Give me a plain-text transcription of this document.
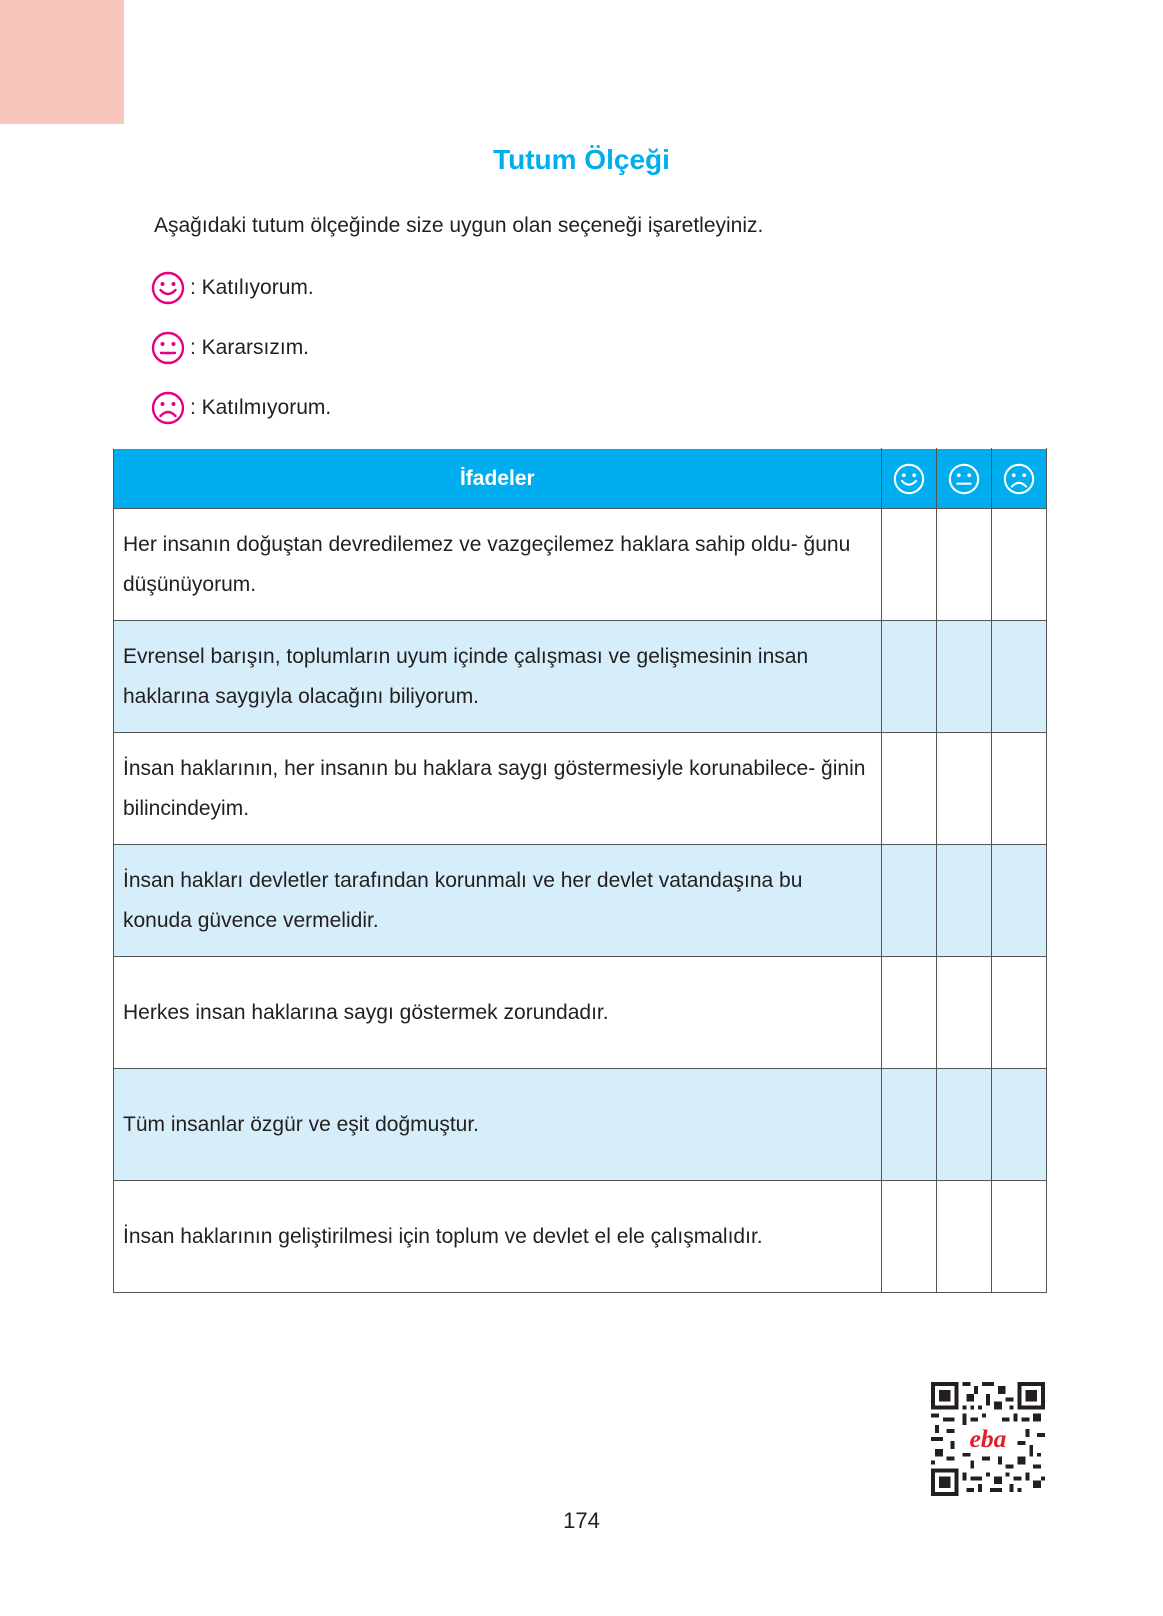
Tutum Ölçeği
Aşağıdaki tutum ölçeğinde size uygun olan seçeneği işaretleyiniz.
: Katılıyorum.
: Kararsızım.
: Katılmıyorum.
İfadeler	

Her insanın doğuştan devredilemez ve vazgeçilemez haklara sahip oldu- ğunu düşünüyorum.			
Evrensel barışın, toplumların uyum içinde çalışması ve gelişmesinin insan haklarına saygıyla olacağını biliyorum.			
İnsan haklarının, her insanın bu haklara saygı göstermesiyle korunabilece- ğinin bilincindeyim.			
İnsan hakları devletler tarafından korunmalı ve her devlet vatandaşına bu konuda güvence vermelidir.			
Herkes insan haklarına saygı göstermek zorundadır.			
Tüm insanlar özgür ve eşit doğmuştur.			
İnsan haklarının geliştirilmesi için toplum ve devlet el ele çalışmalıdır.			
eba
174
